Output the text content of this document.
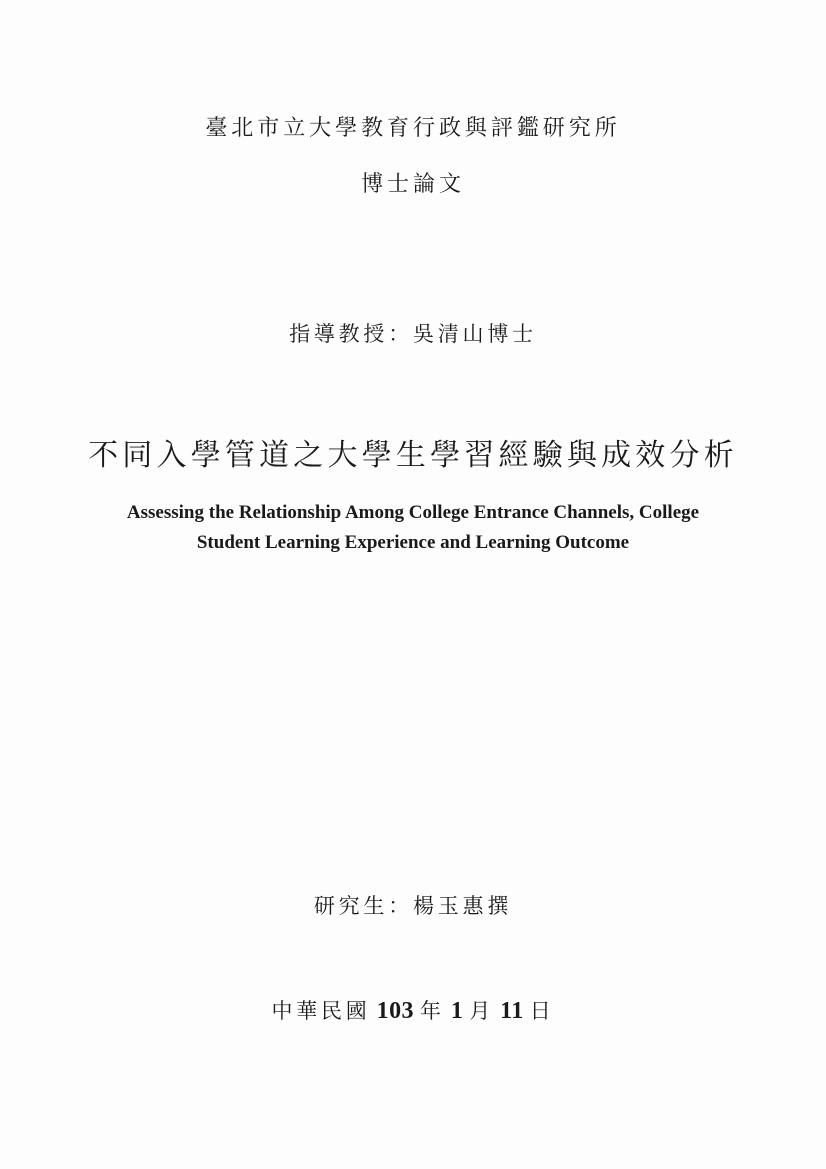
臺北市立大學教育行政與評鑑研究所
博士論文
指導教授：吳清山博士
不同入學管道之大學生學習經驗與成效分析
Assessing the Relationship Among College Entrance Channels, College
Student Learning Experience and Learning Outcome
研究生：楊玉惠撰
中華民國 103 年 1 月 11 日
